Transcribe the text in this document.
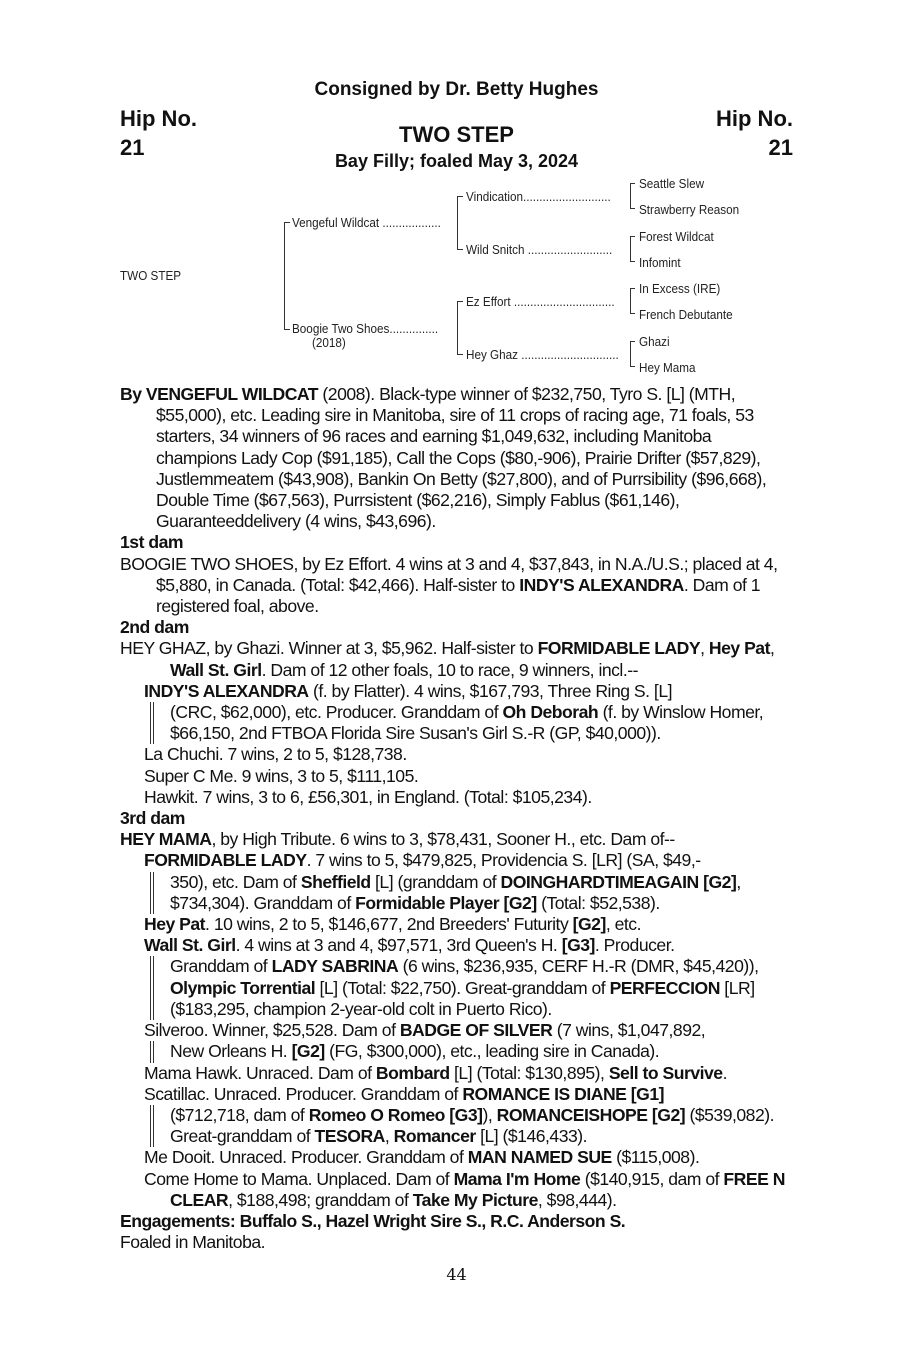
Consigned by Dr. Betty Hughes
Hip No.
21
Hip No.
21
TWO STEP
Bay Filly; foaled May 3, 2024
TWO STEP
Vengeful Wildcat ..................
Boogie Two Shoes...............
(2018)
Vindication...........................
Wild Snitch ..........................
Ez Effort ...............................
Hey Ghaz ..............................
Seattle Slew
Strawberry Reason
Forest Wildcat
Infomint
In Excess (IRE)
French Debutante
Ghazi
Hey Mama

By VENGEFUL WILDCAT (2008). Black-type winner of $232,750, Tyro S. [L] (MTH, $55,000), etc. Leading sire in Manitoba, sire of 11 crops of racing age, 71 foals, 53 starters, 34 winners of 96 races and earning $1,049,632, including Manitoba champions Lady Cop ($91,185), Call the Cops ($80,-906), Prairie Drifter ($57,829), Justlemmeatem ($43,908), Bankin On Betty ($27,800), and of Purrsibility ($96,668), Double Time ($67,563), Purrsistent ($62,216), Simply Fablus ($61,146), Guaranteeddelivery (4 wins, $43,696).

1st dam

BOOGIE TWO SHOES, by Ez Effort. 4 wins at 3 and 4, $37,843, in N.A./U.S.; placed at 4, $5,880, in Canada. (Total: $42,466). Half-sister to INDY'S ALEXANDRA. Dam of 1 registered foal, above.

2nd dam

HEY GHAZ, by Ghazi. Winner at 3, $5,962. Half-sister to FORMIDABLE LADY, Hey Pat, Wall St. Girl. Dam of 12 other foals, 10 to race, 9 winners, incl.--

INDY'S ALEXANDRA (f. by Flatter). 4 wins, $167,793, Three Ring S. [L]

(CRC, $62,000), etc. Producer. Granddam of Oh Deborah (f. by Winslow Homer, $66,150, 2nd FTBOA Florida Sire Susan's Girl S.-R (GP, $40,000)).

La Chuchi. 7 wins, 2 to 5, $128,738.

Super C Me. 9 wins, 3 to 5, $111,105.

Hawkit. 7 wins, 3 to 6, £56,301, in England. (Total: $105,234).

3rd dam

HEY MAMA, by High Tribute. 6 wins to 3, $78,431, Sooner H., etc. Dam of--

FORMIDABLE LADY. 7 wins to 5, $479,825, Providencia S. [LR] (SA, $49,-

350), etc. Dam of Sheffield [L] (granddam of DOINGHARDTIMEAGAIN [G2], $734,304). Granddam of Formidable Player [G2] (Total: $52,538).

Hey Pat. 10 wins, 2 to 5, $146,677, 2nd Breeders' Futurity [G2], etc.

Wall St. Girl. 4 wins at 3 and 4, $97,571, 3rd Queen's H. [G3]. Producer.

Granddam of LADY SABRINA (6 wins, $236,935, CERF H.-R (DMR, $45,420)), Olympic Torrential [L] (Total: $22,750). Great-granddam of PERFECCION [LR] ($183,295, champion 2-year-old colt in Puerto Rico).

Silveroo. Winner, $25,528. Dam of BADGE OF SILVER (7 wins, $1,047,892,

New Orleans H. [G2] (FG, $300,000), etc., leading sire in Canada).

Mama Hawk. Unraced. Dam of Bombard [L] (Total: $130,895), Sell to Survive.

Scatillac. Unraced. Producer. Granddam of ROMANCE IS DIANE [G1]

($712,718, dam of Romeo O Romeo [G3]), ROMANCEISHOPE [G2] ($539,082). Great-granddam of TESORA, Romancer [L] ($146,433).

Me Dooit. Unraced. Producer. Granddam of MAN NAMED SUE ($115,008).

Come Home to Mama. Unplaced. Dam of Mama I'm Home ($140,915, dam of FREE N CLEAR, $188,498; granddam of Take My Picture, $98,444).

Engagements: Buffalo S., Hazel Wright Sire S., R.C. Anderson S.

Foaled in Manitoba.

44
